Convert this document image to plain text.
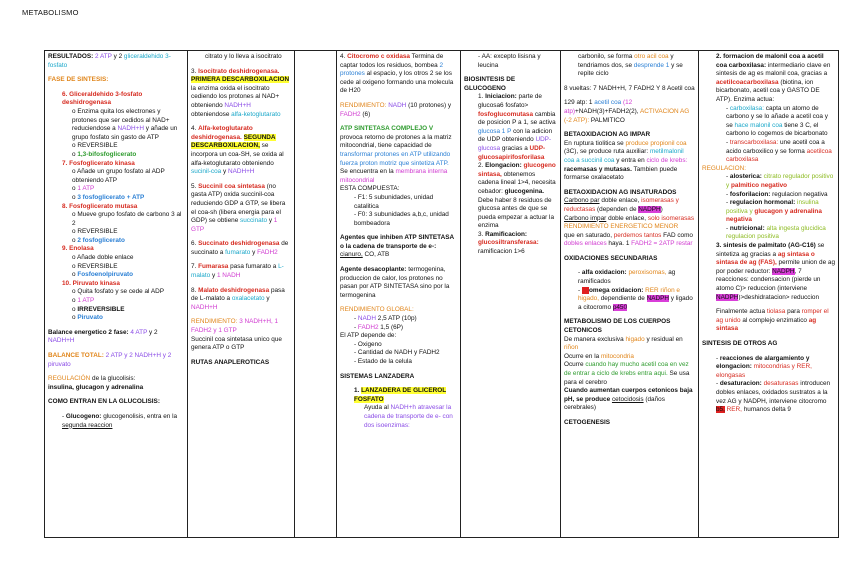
METABOLISMO

RESULTADOS: 2 ATP y 2 gliceraldehido 3-fosfato

FASE DE SINTESIS:

6. Gliceraldehido 3-fosfato deshidrogenasa

o Enzima quita los electrones y protones que ser cedidos al NAD+ reduciendose a NADH+H y añade un grupo fosfato sin gasto de ATP

o REVERSIBLE

o 1,3-bifosfoglicerato

7. Fosfoglicerato kinasa

o Añade un grupo fosfato al ADP obteniendo ATP

o 1 ATP

o 3 fosfoglicerato + ATP

8. Fosfoglicerato mutasa

o Mueve grupo fosfato de carbono 3 al 2

o REVERSIBLE

o 2 fosfoglicerato

9. Enolasa

o Añade doble enlace

o REVERSIBLE

o Fosfoenolpiruvato

10. Piruvato kinasa

o Quita fosfato y se cede al ADP

o 1 ATP

o IRREVERSIBLE

o Piruvato

Balance energetico 2 fase: 4 ATP y 2 NADH+H

BALANCE TOTAL: 2 ATP y 2 NADH+H y 2 piruvato

REGULACIÓN de la glucolisis:

insulina, glucagon y adrenalina

COMO ENTRAN EN LA GLUCOLISIS:

- Glucogeno: glucogenolisis, entra en la segunda reaccion

citrato y lo lleva a isocitrato

3. Isocitrato deshidrogenasa. PRIMERA DESCARBOXILACION la enzima oxida el isocitrato cediendo los protones al NAD+ obteniendo NADH+H obteniendose alfa-ketoglutarato

4. Alfa-ketoglutarato deshidrogenasa. SEGUNDA DESCARBOXILACION, se incorpora un coa-SH, se oxida al alfa-ketoglutarato obteniendo sucinil-coa y NADH+H

5. Succinil coa sintetasa (no gasta ATP) oxida succinil-coa reduciendo GDP a GTP, se libera el coa-sh (libera energia para el GDP) se obtiene succinato y 1 GTP

6. Succinato deshidrogenasa de succinato a fumarato y FADH2

7. Fumarasa pasa fumarato a L-malato y 1 NADH

8. Malato deshidrogenasa pasa de L-malato a oxalacetato y NADH+H

RENDIMIENTO: 3 NADH+H, 1 FADH2 y 1 GTP

Succinil coa sintetasa unico que genera ATP o GTP

RUTAS ANAPLEROTICAS

4. Citocromo c oxidasa Termina de captar todos los residuos, bombea 2 protones al espacio, y los otros 2 se los cede al oxigeno formando una molecula de H20

RENDIMIENTO: NADH (10 protones) y FADH2 (6)

ATP SINTETASA COMPLEJO V

provoca retorno de protones a la matriz mitocondrial, tiene capacidad de transformar protones en ATP utilizando fuerza proton motriz que sintetiza ATP. Se encuentra en la membrana interna mitocondrial

ESTA COMPUESTA:

- F1: 5 subunidades, unidad catalitica

- F0: 3 subunidades a,b,c, unidad bombeadora

Agentes que inhiben ATP SINTETASA o la cadena de transporte de e-: cianuro, CO, ATB

Agente desacoplante: termogenina, produccion de calor, los protones no pasan por ATP SINTETASA sino por la termogenina

RENDIMIENTO GLOBAL:

- NADH 2,5 ATP (10p)

- FADH2 1,5 (6P)

El ATP depende de:

- Oxigeno

- Cantidad de NADH y FADH2

- Estado de la celula

SISTEMAS LANZADERA

1. LANZADERA DE GLICEROL FOSFATO

Ayuda al NADH+h atravesar la cadena de transporte de e- con dos isoenzimas:

- AA: excepto lisisna y leucina

BIOSINTESIS DE GLUCOGENO

1. Iniciacion: parte de glucosa6 fosfato> fosfoglucomutasa cambia de posicion P a 1, se activa glucosa 1 P con la adicion de UDP obteniendo UDP-glucosa gracias a UDP-glucosapirifosforilasa

2. Elongacion: glucogeno sintasa, obtenemos cadena lineal 1>4, necesita cebador: glucogenina. Debe haber 8 residuos de glucosa antes de que se pueda empezar a actuar la enzima

3. Ramificacion: glucosiltransferasa: ramificacion 1>6

carbonilo, se forma otro acil coa y tendriamos dos, se desprende 1 y se repite ciclo

8 vueltas: 7 NADH+H, 7 FADH2 Y 8 Acetil coa

129 atp: 1 acetil coa (12 atp)+NADH(3)+FADH2(2), ACTIVACION AG (-2 ATP): PALMITICO

BETAOXIDACION AG IMPAR

En ruptura tiolitica se produce propionil coa (3C), se produce ruta auxiliar: metilmalonil coa a succinil coa y entra en ciclo de krebs: racemasas y mutasas. Tambien puede formarse oxalacetato

BETAOXIDACION AG INSATURADOS

Carbono par doble enlace, isomerasas y reductasas (dependen de NADPH)

Carbono impar doble enlace, solo isomerasas

RENDIMIENTO ENERGETICO MENOR

que en saturado, perdemos tantos FAD como dobles enlaces haya. 1 FADH2 = 2ATP restar

OXIDACIONES SECUNDARIAS

- alfa oxidacion: peroxisomas, ag ramificados

-     omega oxidacion: RER riñon e higado, dependiente de NADPH y ligado a citocromo p450

METABOLISMO DE LOS CUERPOS CETONICOS

De manera exclusiva higado y residual en riñon

Ocurre en la mitocondria

Ocurre cuando hay mucho acetil coa en vez de entrar a ciclo de krebs entra aqui. Se usa para el cerebro

Cuando aumentan cuerpos cetonicos baja pH, se produce cetocidosis (daños cerebrales)

CETOGENESIS

2. formacion de malonil coa a acetil coa carboxilasa: intermediario clave en sintesis de ag es malonil coa, gracias a acetilcoacarboxilasa (biotina, ion bicarbonato, acetil coa y GASTO DE ATP). Enzima actua:

- carboxilasa: capta un atomo de carbono y se lo añade a acetil coa y se hace malonil coa tiene 3 C, el carbono lo cogemos de bicarbonato

- transcarboxilasa: une acetil coa a acido carboxilico y se forma acetilcoa carboxilasa

REGULACION:

- alosterica: citrato regulador positivo y palmitico negativo

- fosforilacion: regulacion negativa

- regulacion hormonal: insulina positiva y glucagon y adrenalina negativa

- nutricional: alta ingesta glucidica regulacion positiva

3. sintesis de palmitato (AG-C16) se sintetiza ag gracias a ag sintasa o sintasa de ag (FAS), permite union de ag por poder reductor: NADPH, 7 reacciones: condensacion (pierde un atomo C)> reduccion (interviene NADPH)>deshidratacion> reduccion

Finalmente actua tiolasa para romper el ag unido al complejo enzimatico ag sintasa

SINTESIS DE OTROS AG

- reacciones de alargamiento y elongacion: mitocondrias y RER, elongasas

- desaturacion: desaturasas introducen dobles enlaces, oxidados sustratos a la vez AG y NADPH, interviene citocromo b5, RER, humanos delta 9
